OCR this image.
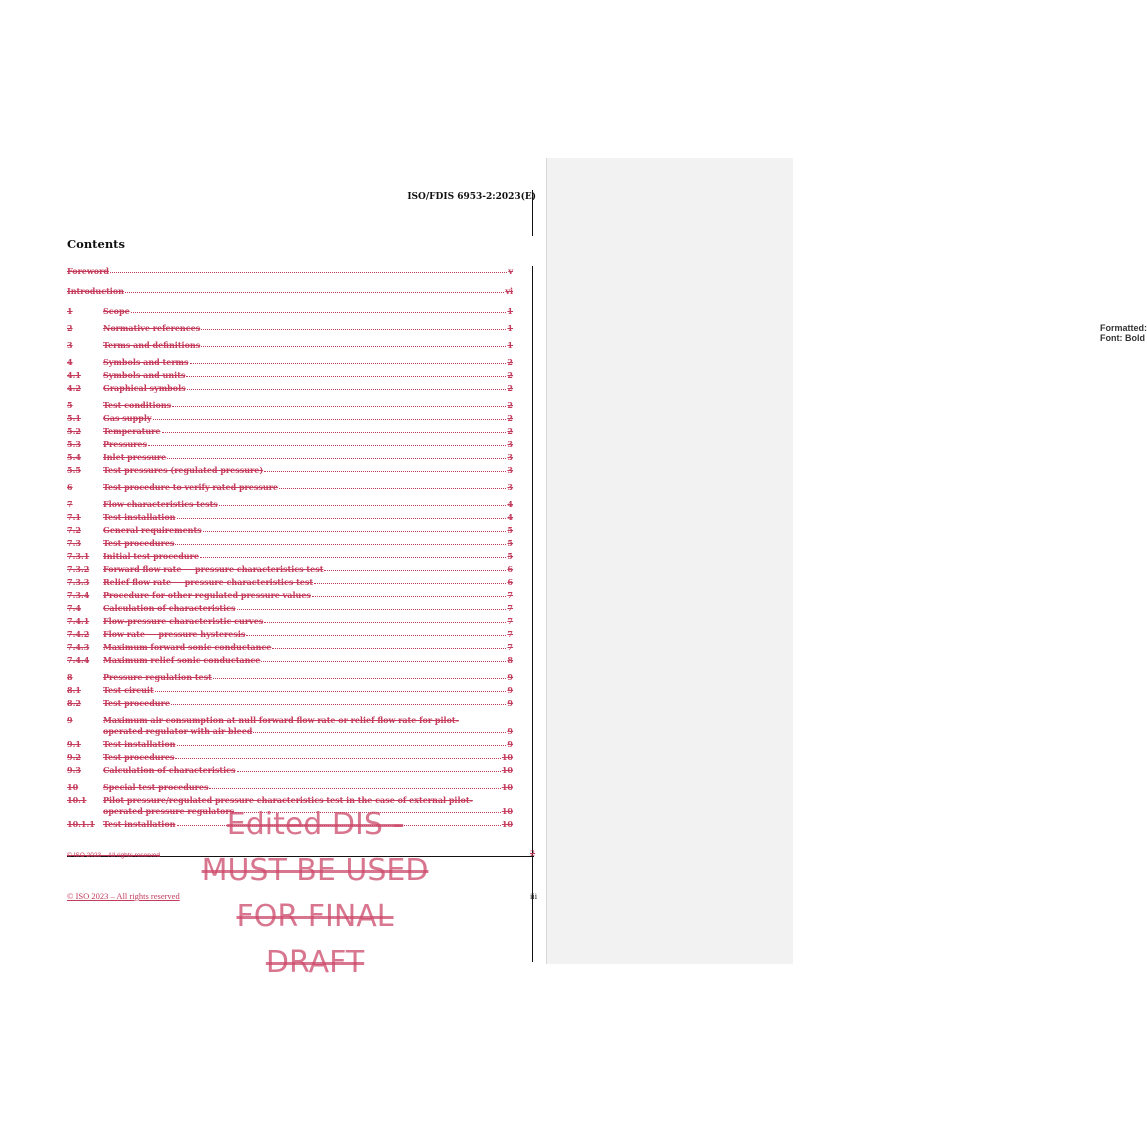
Formatted: Font: Bold
ISO/FDIS 6953-2:2023(E)
Contents
Foreword	v
Introduction	vi
1	Scope	1
2	Normative references	1
3	Terms and definitions	1
4	Symbols and terms	2
4.1	Symbols and units	2
4.2	Graphical symbols	2
5	Test conditions	2
5.1	Gas supply	2
5.2	Temperature	2
5.3	Pressures	3
5.4	Inlet pressure	3
5.5	Test pressures (regulated pressure)	3
6	Test procedure to verify rated pressure	3
7	Flow characteristics tests	4
7.1	Test installation	4
7.2	General requirements	5
7.3	Test procedures	5
7.3.1	Initial test procedure	5
7.3.2	Forward flow rate — pressure characteristics test	6
7.3.3	Relief flow rate — pressure characteristics test	6
7.3.4	Procedure for other regulated pressure values	7
7.4	Calculation of characteristics	7
7.4.1	Flow-pressure characteristic curves	7
7.4.2	Flow rate — pressure hysteresis	7
7.4.3	Maximum forward sonic conductance	7
7.4.4	Maximum relief sonic conductance	8
8	Pressure regulation test	9
8.1	Test circuit	9
8.2	Test procedure	9
9	Maximum air consumption at null forward flow rate or relief flow rate for pilot-
operated regulator with air bleed	9
9.1	Test installation	9
9.2	Test procedures	10
9.3	Calculation of characteristics	10
10	Special test procedures	10
10.1	Pilot pressure/regulated pressure characteristics test in the case of external pilot-
operated pressure regulators	10
10.1.1	Test installation	10
© ISO 2023 – All rights reserved	2
© ISO 2023 – All rights reserved	iii
Edited DIS -
MUST BE USED
FOR FINAL
DRAFT
